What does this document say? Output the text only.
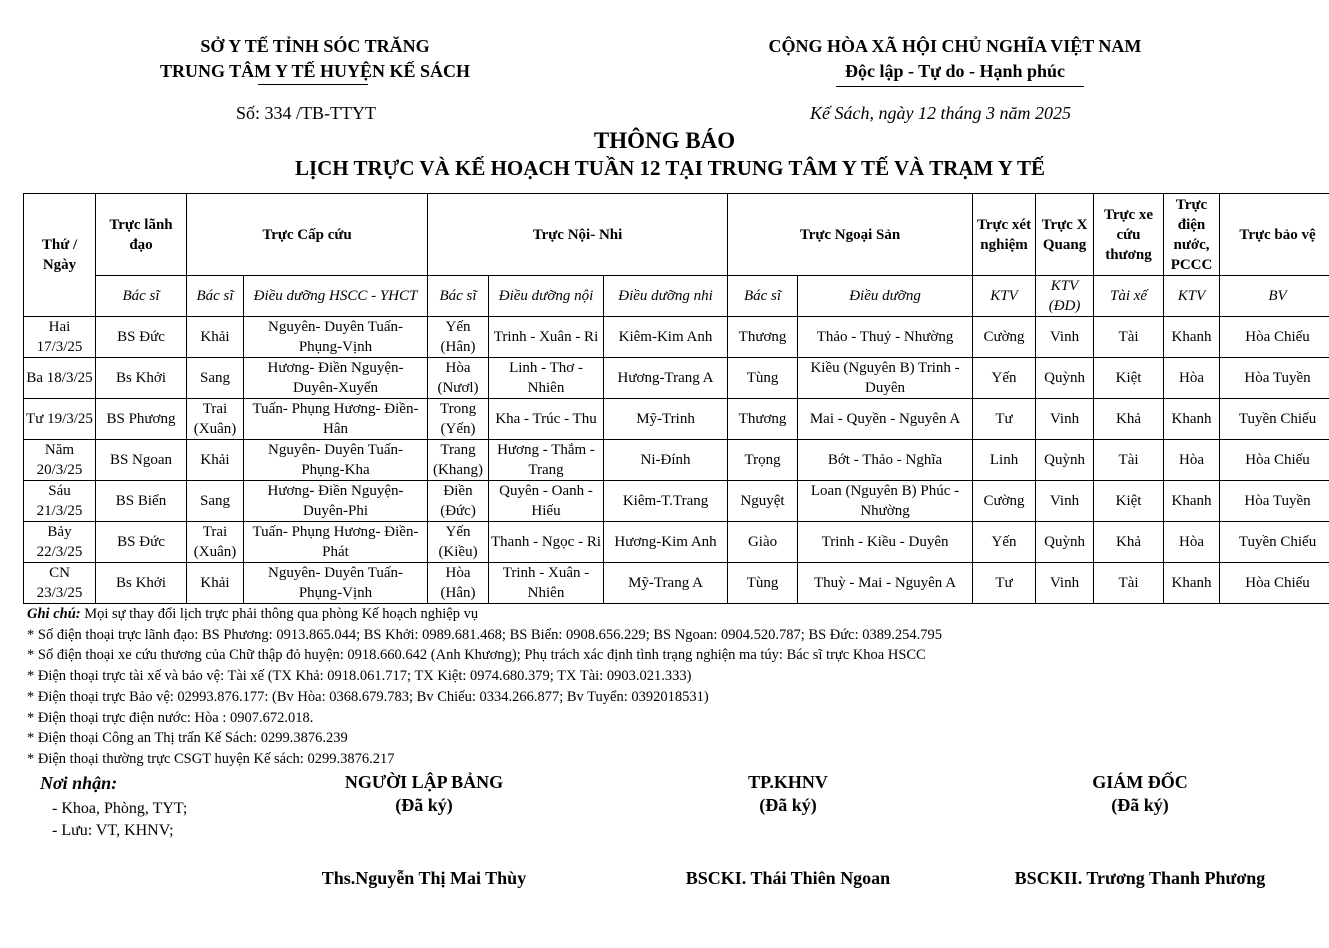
SỞ Y TẾ TỈNH SÓC TRĂNG
TRUNG TÂM Y TẾ HUYỆN KẾ SÁCH
CỘNG HÒA XÃ HỘI CHỦ NGHĨA VIỆT NAM
Độc lập - Tự do - Hạnh phúc
Số: 334 /TB-TTYT	Kế Sách, ngày 12 tháng 3 năm 2025
THÔNG BÁO
LỊCH TRỰC VÀ KẾ HOẠCH TUẦN 12 TẠI TRUNG TÂM Y TẾ VÀ TRẠM Y TẾ
Thứ / Ngày	Trực lãnh đạo	Trực Cấp cứu		Trực Nội- Nhi			Trực Ngoại Sản		Trực xét nghiệm	Trực X Quang	Trực xe cứu thương	Trực điện nước, PCCC	Trực bảo vệ
	Bác sĩ	Bác sĩ	Điều dưỡng HSCC - YHCT	Bác sĩ	Điều dưỡng nội	Điều dưỡng nhi	Bác sĩ	Điều dưỡng	KTV	KTV (ĐD)	Tài xế	KTV	BV
Hai 17/3/25	BS Đức	Khải	Nguyên- Duyên Tuấn- Phụng-Vịnh	Yến (Hân)	Trinh - Xuân - Ri	Kiêm-Kim Anh	Thương	Thảo - Thuỷ - Nhường	Cường	Vinh	Tài	Khanh	Hòa Chiếu
Ba 18/3/25	Bs Khởi	Sang	Hương- Điền Nguyện- Duyên-Xuyến	Hòa (Nươl)	Linh - Thơ - Nhiên	Hương-Trang A	Tùng	Kiều (Nguyên B) Trinh - Duyên	Yến	Quỳnh	Kiệt	Hòa	Hòa Tuyền
Tư 19/3/25	BS Phương	Trai (Xuân)	Tuấn- Phụng Hương- Điền-Hân	Trong (Yến)	Kha - Trúc - Thu	Mỹ-Trinh	Thương	Mai - Quyền - Nguyên A	Tư	Vinh	Khả	Khanh	Tuyền Chiếu
Năm 20/3/25	BS Ngoan	Khải	Nguyên- Duyên Tuấn- Phụng-Kha	Trang (Khang)	Hương - Thắm - Trang	Ni-Đính	Trọng	Bớt - Thảo - Nghĩa	Linh	Quỳnh	Tài	Hòa	Hòa Chiếu
Sáu 21/3/25	BS Biển	Sang	Hương- Điền Nguyện- Duyên-Phi	Điền (Đức)	Quyên - Oanh - Hiếu	Kiêm-T.Trang	Nguyệt	Loan (Nguyên B) Phúc - Nhường	Cường	Vinh	Kiệt	Khanh	Hòa Tuyền
Bảy 22/3/25	BS Đức	Trai (Xuân)	Tuấn- Phụng Hương- Điền-Phát	Yến (Kiều)	Thanh - Ngọc - Ri	Hương-Kim Anh	Giào	Trinh - Kiều - Duyên	Yến	Quỳnh	Khả	Hòa	Tuyền Chiếu
CN 23/3/25	Bs Khởi	Khải	Nguyên- Duyên Tuấn- Phụng-Vịnh	Hòa (Hân)	Trinh - Xuân - Nhiên	Mỹ-Trang A	Tùng	Thuỳ - Mai - Nguyên A	Tư	Vinh	Tài	Khanh	Hòa Chiếu
Ghi chú: Mọi sự thay đổi lịch trực phải thông qua phòng Kế hoạch nghiệp vụ
* Số điện thoại trực lãnh đạo: BS Phương: 0913.865.044; BS Khởi: 0989.681.468; BS Biển: 0908.656.229; BS Ngoan: 0904.520.787; BS Đức: 0389.254.795
* Số điện thoại xe cứu thương của Chữ thập đỏ huyện: 0918.660.642 (Anh Khương); Phụ trách xác định tình trạng nghiện ma túy: Bác sĩ trực Khoa HSCC
* Điện thoại trực tài xế và bảo vệ: Tài xế (TX Khả: 0918.061.717; TX Kiệt: 0974.680.379; TX Tài: 0903.021.333)
* Điện thoại trực Bảo vệ: 02993.876.177: (Bv Hòa: 0368.679.783; Bv Chiếu: 0334.266.877; Bv Tuyển: 0392018531)
* Điện thoại trực điện nước: Hòa : 0907.672.018.
* Điện thoại Công an Thị trấn Kế Sách: 0299.3876.239
* Điện thoại thường trực CSGT huyện Kế sách: 0299.3876.217
Nơi nhận:
- Khoa, Phòng, TYT;
- Lưu: VT, KHNV;
NGƯỜI LẬP BẢNG
(Đã ký)
Ths.Nguyễn Thị Mai Thùy
TP.KHNV
(Đã ký)
BSCKI. Thái Thiên Ngoan
GIÁM ĐỐC
(Đã ký)
BSCKII. Trương Thanh Phương
